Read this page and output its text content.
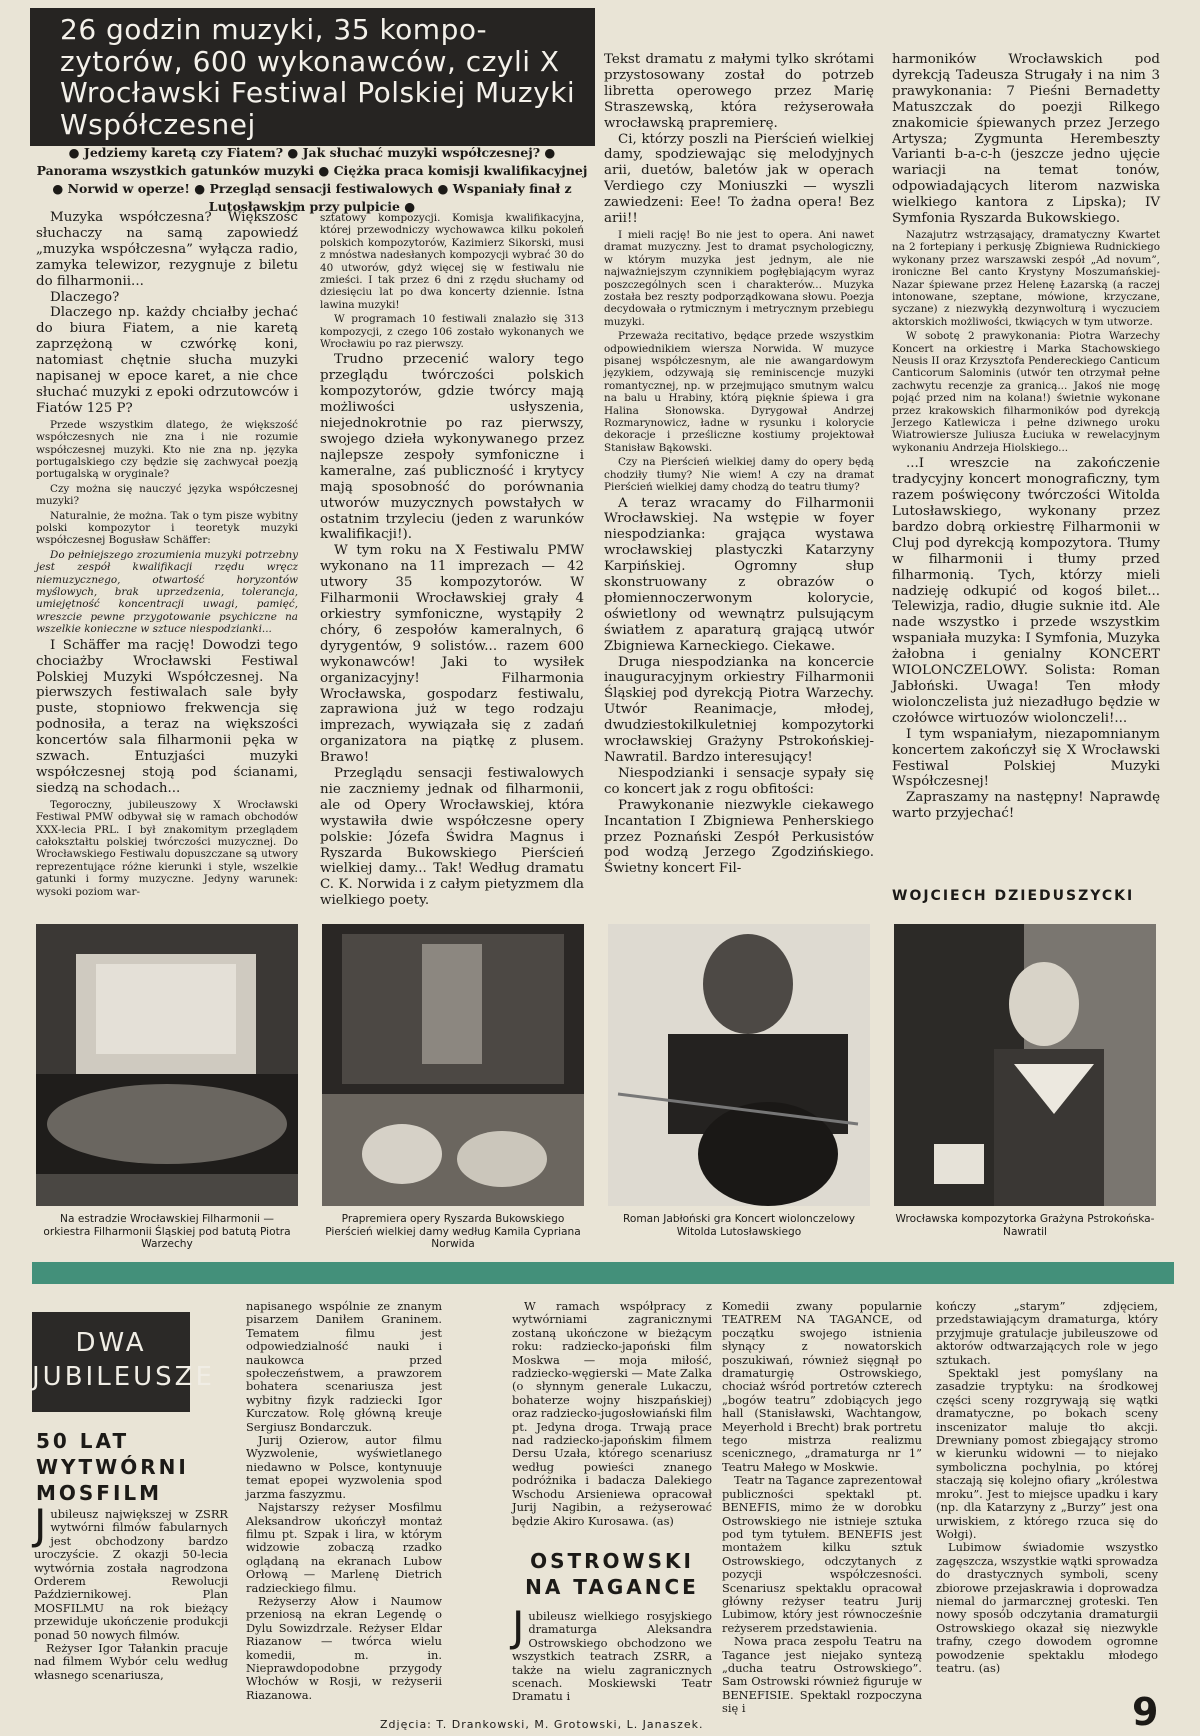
26 godzin muzyki, 35 kompozytorów, 600 wykonawców, czyli X Wrocławski Festiwal Polskiej Muzyki Współczesnej
● Jedziemy karetą czy Fiatem? ● Jak słuchać muzyki współczesnej? ● Panorama wszystkich gatunków muzyki ● Ciężka praca komisji kwalifikacyjnej ● Norwid w operze! ● Przegląd sensacji festiwalowych ● Wspaniały finał z Lutosławskim przy pulpicie ●

Muzyka współczesna? Większość słuchaczy na samą zapowiedź „muzyka współczesna” wyłącza radio, zamyka telewizor, rezygnuje z biletu do filharmonii...

Dlaczego?

Dlaczego np. każdy chciałby jechać do biura Fiatem, a nie karetą zaprzężoną w czwórkę koni, natomiast chętnie słucha muzyki napisanej w epoce karet, a nie chce słuchać muzyki z epoki odrzutowców i Fiatów 125 P?

Przede wszystkim dlatego, że większość współczesnych nie zna i nie rozumie współczesnej muzyki. Kto nie zna np. języka portugalskiego czy będzie się zachwycał poezją portugalską w oryginale?

Czy można się nauczyć języka współczesnej muzyki?

Naturalnie, że można. Tak o tym pisze wybitny polski kompozytor i teoretyk muzyki współczesnej Bogusław Schäffer:

Do pełniejszego zrozumienia muzyki potrzebny jest zespół kwalifikacji rzędu wręcz niemuzycznego, otwartość horyzontów myślowych, brak uprzedzenia, tolerancja, umiejętność koncentracji uwagi, pamięć, wreszcie pewne przygotowanie psychiczne na wszelkie konieczne w sztuce niespodzianki...

I Schäffer ma rację! Dowodzi tego chociażby Wrocławski Festiwal Polskiej Muzyki Współczesnej. Na pierwszych festiwalach sale były puste, stopniowo frekwencja się podnosiła, a teraz na większości koncertów sala filharmonii pęka w szwach. Entuzjaści muzyki współczesnej stoją pod ścianami, siedzą na schodach...

Tegoroczny, jubileuszowy X Wrocławski Festiwal PMW odbywał się w ramach obchodów XXX-lecia PRL. I był znakomitym przeglądem całokształtu polskiej twórczości muzycznej. Do Wrocławskiego Festiwalu dopuszczane są utwory reprezentujące różne kierunki i style, wszelkie gatunki i formy muzyczne. Jedyny warunek: wysoki poziom war-

sztatowy kompozycji. Komisja kwalifikacyjna, której przewodniczy wychowawca kilku pokoleń polskich kompozytorów, Kazimierz Sikorski, musi z mnóstwa nadesłanych kompozycji wybrać 30 do 40 utworów, gdyż więcej się w festiwalu nie zmieści. I tak przez 6 dni z rzędu słuchamy od dziesięciu lat po dwa koncerty dziennie. Istna lawina muzyki!

W programach 10 festiwali znalazło się 313 kompozycji, z czego 106 zostało wykonanych we Wrocławiu po raz pierwszy.

Trudno przecenić walory tego przeglądu twórczości polskich kompozytorów, gdzie twórcy mają możliwości usłyszenia, niejednokrotnie po raz pierwszy, swojego dzieła wykonywanego przez najlepsze zespoły symfoniczne i kameralne, zaś publiczność i krytycy mają sposobność do porównania utworów muzycznych powstałych w ostatnim trzyleciu (jeden z warunków kwalifikacji!).

W tym roku na X Festiwalu PMW wykonano na 11 imprezach — 42 utwory 35 kompozytorów. W Filharmonii Wrocławskiej grały 4 orkiestry symfoniczne, wystąpiły 2 chóry, 6 zespołów kameralnych, 6 dyrygentów, 9 solistów... razem 600 wykonawców! Jaki to wysiłek organizacyjny! Filharmonia Wrocławska, gospodarz festiwalu, zaprawiona już w tego rodzaju imprezach, wywiązała się z zadań organizatora na piątkę z plusem. Brawo!

Przeglądu sensacji festiwalowych nie zaczniemy jednak od filharmonii, ale od Opery Wrocławskiej, która wystawiła dwie współczesne opery polskie: Józefa Świdra Magnus i Ryszarda Bukowskiego Pierścień wielkiej damy... Tak! Według dramatu C. K. Norwida i z całym pietyzmem dla wielkiego poety.

Tekst dramatu z małymi tylko skrótami przystosowany został do potrzeb libretta operowego przez Marię Straszewską, która reżyserowała wrocławską prapremierę.

Ci, którzy poszli na Pierścień wielkiej damy, spodziewając się melodyjnych arii, duetów, baletów jak w operach Verdiego czy Moniuszki — wyszli zawiedzeni: Eee! To żadna opera! Bez arii!!

I mieli rację! Bo nie jest to opera. Ani nawet dramat muzyczny. Jest to dramat psychologiczny, w którym muzyka jest jednym, ale nie najważniejszym czynnikiem pogłębiającym wyraz poszczególnych scen i charakterów... Muzyka została bez reszty podporządkowana słowu. Poezja decydowała o rytmicznym i metrycznym przebiegu muzyki.

Przeważa recitativo, będące przede wszystkim odpowiednikiem wiersza Norwida. W muzyce pisanej współczesnym, ale nie awangardowym językiem, odzywają się reminiscencje muzyki romantycznej, np. w przejmująco smutnym walcu na balu u Hrabiny, którą pięknie śpiewa i gra Halina Słonowska. Dyrygował Andrzej Rozmarynowicz, ładne w rysunku i kolorycie dekoracje i prześliczne kostiumy projektował Stanisław Bąkowski.

Czy na Pierścień wielkiej damy do opery będą chodziły tłumy? Nie wiem! A czy na dramat Pierścień wielkiej damy chodzą do teatru tłumy?

A teraz wracamy do Filharmonii Wrocławskiej. Na wstępie w foyer niespodzianka: grająca wystawa wrocławskiej plastyczki Katarzyny Karpińskiej. Ogromny słup skonstruowany z obrazów o płomiennoczerwonym kolorycie, oświetlony od wewnątrz pulsującym światłem z aparaturą grającą utwór Zbigniewa Karneckiego. Ciekawe.

Druga niespodzianka na koncercie inauguracyjnym orkiestry Filharmonii Śląskiej pod dyrekcją Piotra Warzechy. Utwór Reanimacje, młodej, dwudziestokilkuletniej kompozytorki wrocławskiej Grażyny Pstrokońskiej-Nawratil. Bardzo interesujący!

Niespodzianki i sensacje sypały się co koncert jak z rogu obfitości:

Prawykonanie niezwykle ciekawego Incantation I Zbigniewa Penherskiego przez Poznański Zespół Perkusistów pod wodzą Jerzego Zgodzińskiego. Świetny koncert Fil-

harmoników Wrocławskich pod dyrekcją Tadeusza Strugały i na nim 3 prawykonania: 7 Pieśni Bernadetty Matuszczak do poezji Rilkego znakomicie śpiewanych przez Jerzego Artysza; Zygmunta Herembeszty Varianti b-a-c-h (jeszcze jedno ujęcie wariacji na temat tonów, odpowiadających literom nazwiska wielkiego kantora z Lipska); IV Symfonia Ryszarda Bukowskiego.

Nazajutrz wstrząsający, dramatyczny Kwartet na 2 fortepiany i perkusję Zbigniewa Rudnickiego wykonany przez warszawski zespół „Ad novum”, ironiczne Bel canto Krystyny Moszumańskiej-Nazar śpiewane przez Helenę Łazarską (a raczej intonowane, szeptane, mówione, krzyczane, syczane) z niezwykłą dezynwolturą i wyczuciem aktorskich możliwości, tkwiących w tym utworze.

W sobotę 2 prawykonania: Piotra Warzechy Koncert na orkiestrę i Marka Stachowskiego Neusis II oraz Krzysztofa Pendereckiego Canticum Canticorum Salominis (utwór ten otrzymał pełne zachwytu recenzje za granicą... Jakoś nie mogę pojąć przed nim na kolana!) świetnie wykonane przez krakowskich filharmoników pod dyrekcją Jerzego Katlewicza i pełne dziwnego uroku Wiatrowiersze Juliusza Łuciuka w rewelacyjnym wykonaniu Andrzeja Hiolskiego...

...I wreszcie na zakończenie tradycyjny koncert monograficzny, tym razem poświęcony twórczości Witolda Lutosławskiego, wykonany przez bardzo dobrą orkiestrę Filharmonii w Cluj pod dyrekcją kompozytora. Tłumy w filharmonii i tłumy przed filharmonią. Tych, którzy mieli nadzieję odkupić od kogoś bilet... Telewizja, radio, długie suknie itd. Ale nade wszystko i przede wszystkim wspaniała muzyka: I Symfonia, Muzyka żałobna i genialny KONCERT WIOLONCZELOWY. Solista: Roman Jabłoński. Uwaga! Ten młody wiolonczelista już niezadługo będzie w czołówce wirtuozów wiolonczeli!...

I tym wspaniałym, niezapomnianym koncertem zakończył się X Wrocławski Festiwal Polskiej Muzyki Współczesnej!

Zapraszamy na następny! Naprawdę warto przyjechać!

WOJCIECH DZIEDUSZYCKI
Na estradzie Wrocławskiej Filharmonii — orkiestra Filharmonii Śląskiej pod batutą Piotra Warzechy
Prapremiera opery Ryszarda Bukowskiego Pierścień wielkiej damy według Kamila Cypriana Norwida
Roman Jabłoński gra Koncert wiolonczelowy Witolda Lutosławskiego
Wrocławska kompozytorka Grażyna Pstrokońska-Nawratil
DWA JUBILEUSZE
50 LAT WYTWÓRNI MOSFILM

Jubileusz największej w ZSRR wytwórni filmów fabularnych jest obchodzony bardzo uroczyście. Z okazji 50-lecia wytwórnia została nagrodzona Orderem Rewolucji Październikowej. Plan MOSFILMU na rok bieżący przewiduje ukończenie produkcji ponad 50 nowych filmów.

Reżyser Igor Tałankin pracuje nad filmem Wybór celu według własnego scenariusza,

napisanego wspólnie ze znanym pisarzem Daniłem Graninem. Tematem filmu jest odpowiedzialność nauki i naukowca przed społeczeństwem, a prawzorem bohatera scenariusza jest wybitny fizyk radziecki Igor Kurczatow. Rolę główną kreuje Sergiusz Bondarczuk.

Jurij Ozierow, autor filmu Wyzwolenie, wyświetlanego niedawno w Polsce, kontynuuje temat epopei wyzwolenia spod jarzma faszyzmu.

Najstarszy reżyser Mosfilmu Aleksandrow ukończył montaż filmu pt. Szpak i lira, w którym widzowie zobaczą rzadko oglądaną na ekranach Lubow Orłową — Marlenę Dietrich radzieckiego filmu.

Reżyserzy Ałow i Naumow przeniosą na ekran Legendę o Dylu Sowizdrzale. Reżyser Eldar Riazanow — twórca wielu komedii, m. in. Nieprawdopodobne przygody Włochów w Rosji, w reżyserii Riazanowa.

W ramach współpracy z wytwórniami zagranicznymi zostaną ukończone w bieżącym roku: radziecko-japoński film Moskwa — moja miłość, radziecko-węgierski — Mate Zalka (o słynnym generale Lukaczu, bohaterze wojny hiszpańskiej) oraz radziecko-jugosłowiański film pt. Jedyna droga. Trwają prace nad radziecko-japońskim filmem Dersu Uzała, którego scenariusz według powieści znanego podróżnika i badacza Dalekiego Wschodu Arsieniewa opracował Jurij Nagibin, a reżyserować będzie Akiro Kurosawa. (as)

OSTROWSKI NA TAGANCE

Jubileusz wielkiego rosyjskiego dramaturga Aleksandra Ostrowskiego obchodzono we wszystkich teatrach ZSRR, a także na wielu zagranicznych scenach. Moskiewski Teatr Dramatu i

Komedii zwany popularnie TEATREM NA TAGANCE, od początku swojego istnienia słynący z nowatorskich poszukiwań, również sięgnął po dramaturgię Ostrowskiego, chociaż wśród portretów czterech „bogów teatru” zdobiących jego hall (Stanisławski, Wachtangow, Meyerhold i Brecht) brak portretu tego mistrza realizmu scenicznego, „dramaturga nr 1” Teatru Małego w Moskwie.

Teatr na Tagance zaprezentował publiczności spektakl pt. BENEFIS, mimo że w dorobku Ostrowskiego nie istnieje sztuka pod tym tytułem. BENEFIS jest montażem kilku sztuk Ostrowskiego, odczytanych z pozycji współczesności. Scenariusz spektaklu opracował główny reżyser teatru Jurij Lubimow, który jest równocześnie reżyserem przedstawienia.

Nowa praca zespołu Teatru na Tagance jest niejako syntezą „ducha teatru Ostrowskiego”. Sam Ostrowski również figuruje w BENEFISIE. Spektakl rozpoczyna się i

kończy „starym” zdjęciem, przedstawiającym dramaturga, który przyjmuje gratulacje jubileuszowe od aktorów odtwarzających role w jego sztukach.

Spektakl jest pomyślany na zasadzie tryptyku: na środkowej części sceny rozgrywają się wątki dramatyczne, po bokach sceny inscenizator maluje tło akcji. Drewniany pomost zbiegający stromo w kierunku widowni — to niejako symboliczna pochylnia, po której staczają się kolejno ofiary „królestwa mroku”. Jest to miejsce upadku i kary (np. dla Katarzyny z „Burzy” jest ona urwiskiem, z którego rzuca się do Wołgi).

Lubimow świadomie wszystko zagęszcza, wszystkie wątki sprowadza do drastycznych symboli, sceny zbiorowe przejaskrawia i doprowadza niemal do jarmarcznej groteski. Ten nowy sposób odczytania dramaturgii Ostrowskiego okazał się niezwykle trafny, czego dowodem ogromne powodzenie spektaklu młodego teatru. (as)

Zdjęcia: T. Drankowski, M. Grotowski, L. Janaszek.	9
